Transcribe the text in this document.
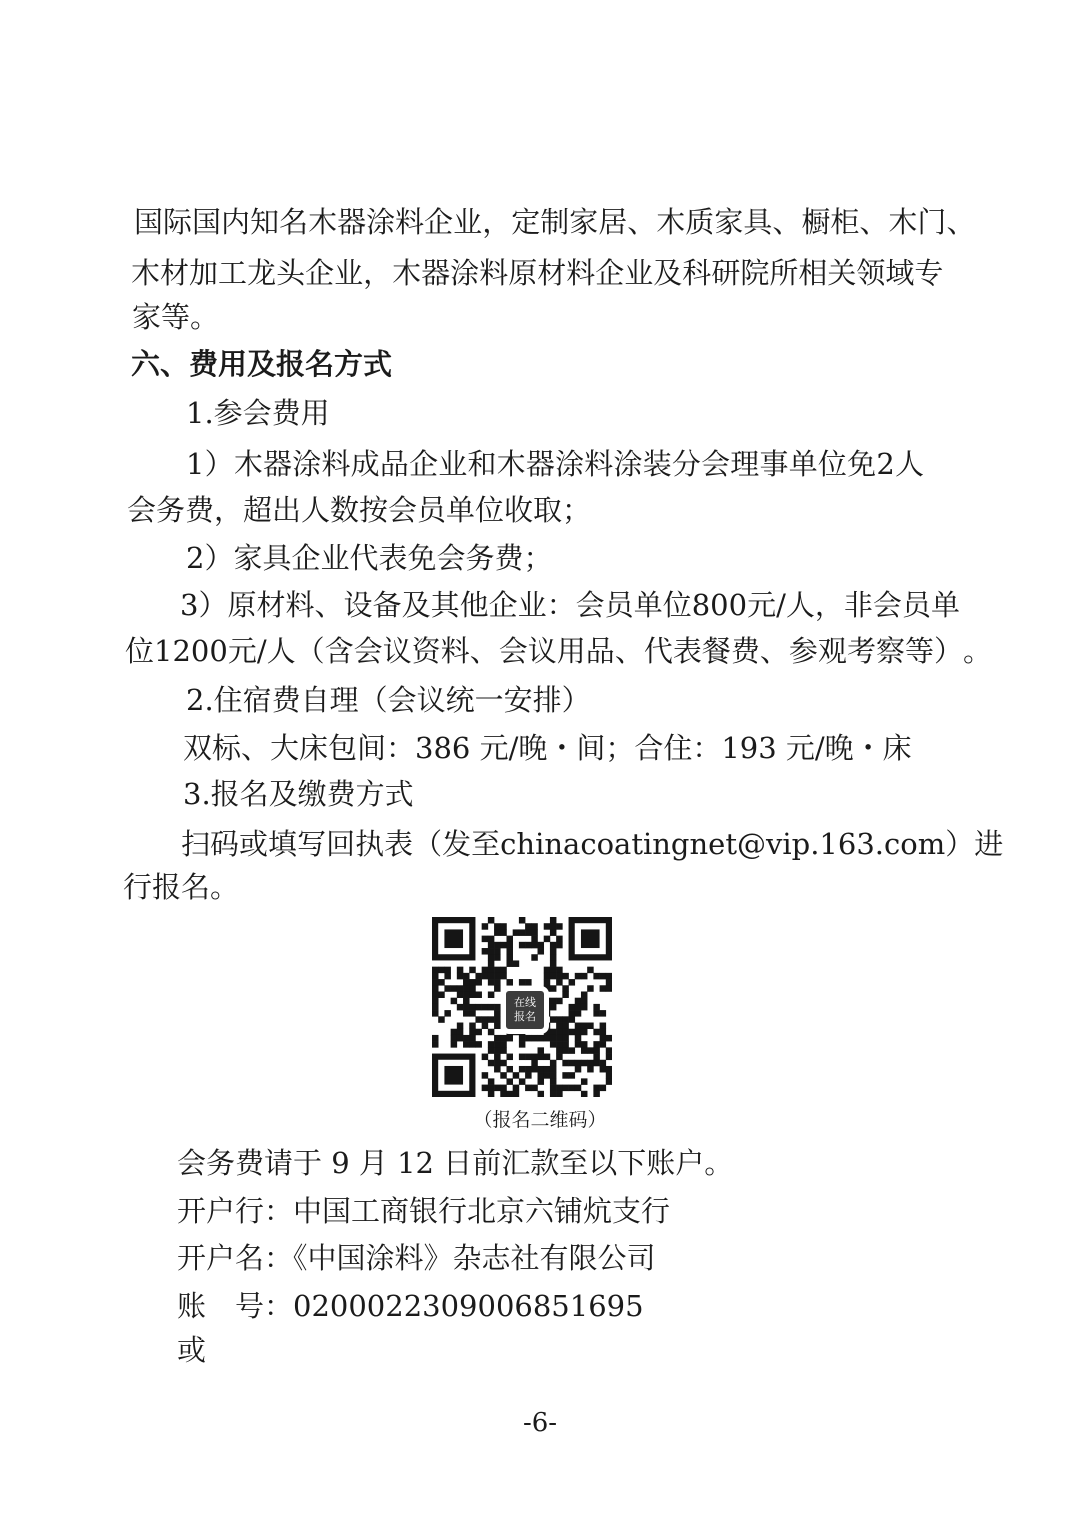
国 际 国 内 知 名 木 器 涂 料 企 业 ， 定 制 家 居 、 木 质 家 具 、 橱 柜 、 木 门 、
木 材 加 工 龙 头 企 业 ， 木 器 涂 料 原 材 料 企 业 及 科 研 院 所 相 关 领 域 专
家等。
六、费用及报名方式
1.参会费用
1 ） 木 器 涂 料 成 品 企 业 和 木 器 涂 料 涂 装 分 会 理 事 单 位 免 2 人
会务费，超出人数按会员单位收取；
2）家具企业代表免会务费；
3 ） 原 材 料 、 设 备 及 其 他 企 业 ： 会 员 单 位 800 元 / 人 ， 非 会 员 单
位 1200 元 / 人 （ 含 会 议 资 料 、 会 议 用 品 、 代 表 餐 费 、 参 观 考 察 等 ） 。
2.住宿费自理（会议统一安排）
双标、大床包间：386 元/晚・间；合住：193 元/晚・床
3.报名及缴费方式
扫 码 或 填 写 回 执 表 （ 发 至 chinacoatingnet@vip.163.com ） 进
行报名。
在线
报名
（报名二维码）
会务费请于 9 月 12 日前汇款至以下账户。
开户行：中国工商银行北京六铺炕支行
开户名：《中国涂料》杂志社有限公司
账　号：0200022309006851695
或
-6-
